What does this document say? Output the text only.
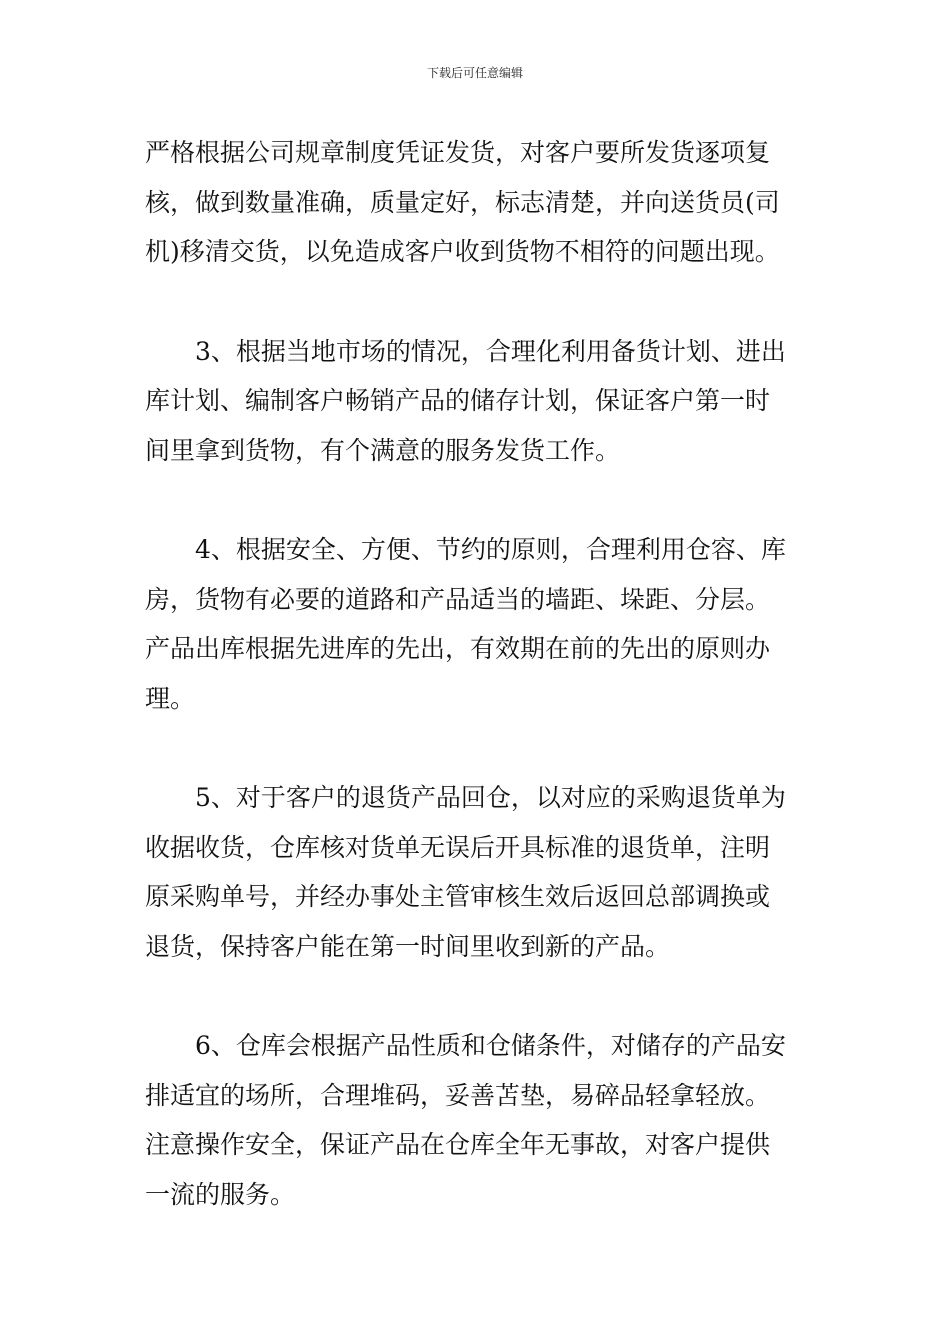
下载后可任意编辑

严格根据公司规章制度凭证发货，对客户要所发货逐项复
核，做到数量准确，质量定好，标志清楚，并向送货员(司
机)移清交货，以免造成客户收到货物不相符的问题出现。

3、根据当地市场的情况，合理化利用备货计划、进出
库计划、编制客户畅销产品的储存计划，保证客户第一时
间里拿到货物，有个满意的服务发货工作。

4、根据安全、方便、节约的原则，合理利用仓容、库
房，货物有必要的道路和产品适当的墙距、垛距、分层。
产品出库根据先进库的先出，有效期在前的先出的原则办
理。

5、对于客户的退货产品回仓，以对应的采购退货单为
收据收货，仓库核对货单无误后开具标准的退货单，注明
原采购单号，并经办事处主管审核生效后返回总部调换或
退货，保持客户能在第一时间里收到新的产品。

6、仓库会根据产品性质和仓储条件，对储存的产品安
排适宜的场所，合理堆码，妥善苫垫，易碎品轻拿轻放。
注意操作安全，保证产品在仓库全年无事故，对客户提供
一流的服务。
